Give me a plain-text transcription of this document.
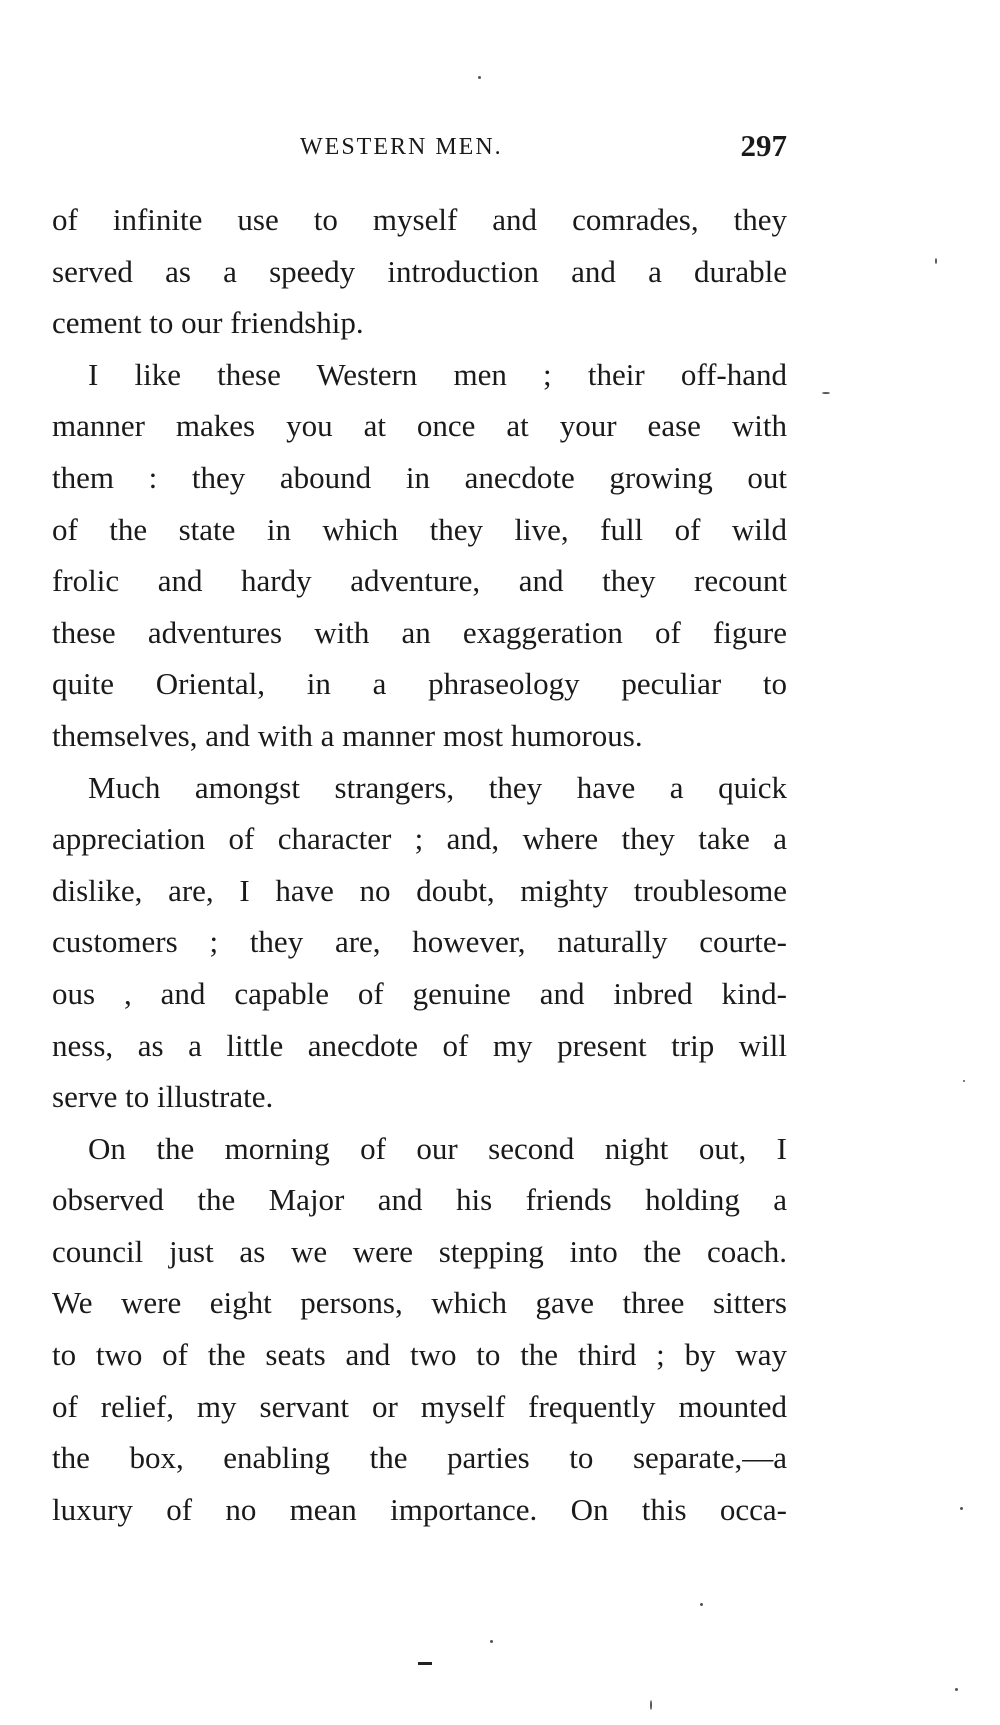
WESTERN MEN.	297
of infinite use to myself and comrades, they
served as a speedy introduction and a durable
cement to our friendship.
I like these Western men ; their off-hand
manner makes you at once at your ease with
them : they abound in anecdote growing out
of the state in which they live, full of wild
frolic and hardy adventure, and they recount
these adventures with an exaggeration of figure
quite Oriental, in a phraseology peculiar to
themselves, and with a manner most humorous.
Much amongst strangers, they have a quick
appreciation of character ; and, where they take a
dislike, are, I have no doubt, mighty troublesome
customers ; they are, however, naturally courte-
ous , and capable of genuine and inbred kind-
ness, as a little anecdote of my present trip will
serve to illustrate.
On the morning of our second night out, I
observed the Major and his friends holding a
council just as we were stepping into the coach.
We were eight persons, which gave three sitters
to two of the seats and two to the third ; by way
of relief, my servant or myself frequently mounted
the box, enabling the parties to separate,—a
luxury of no mean importance. On this occa-
